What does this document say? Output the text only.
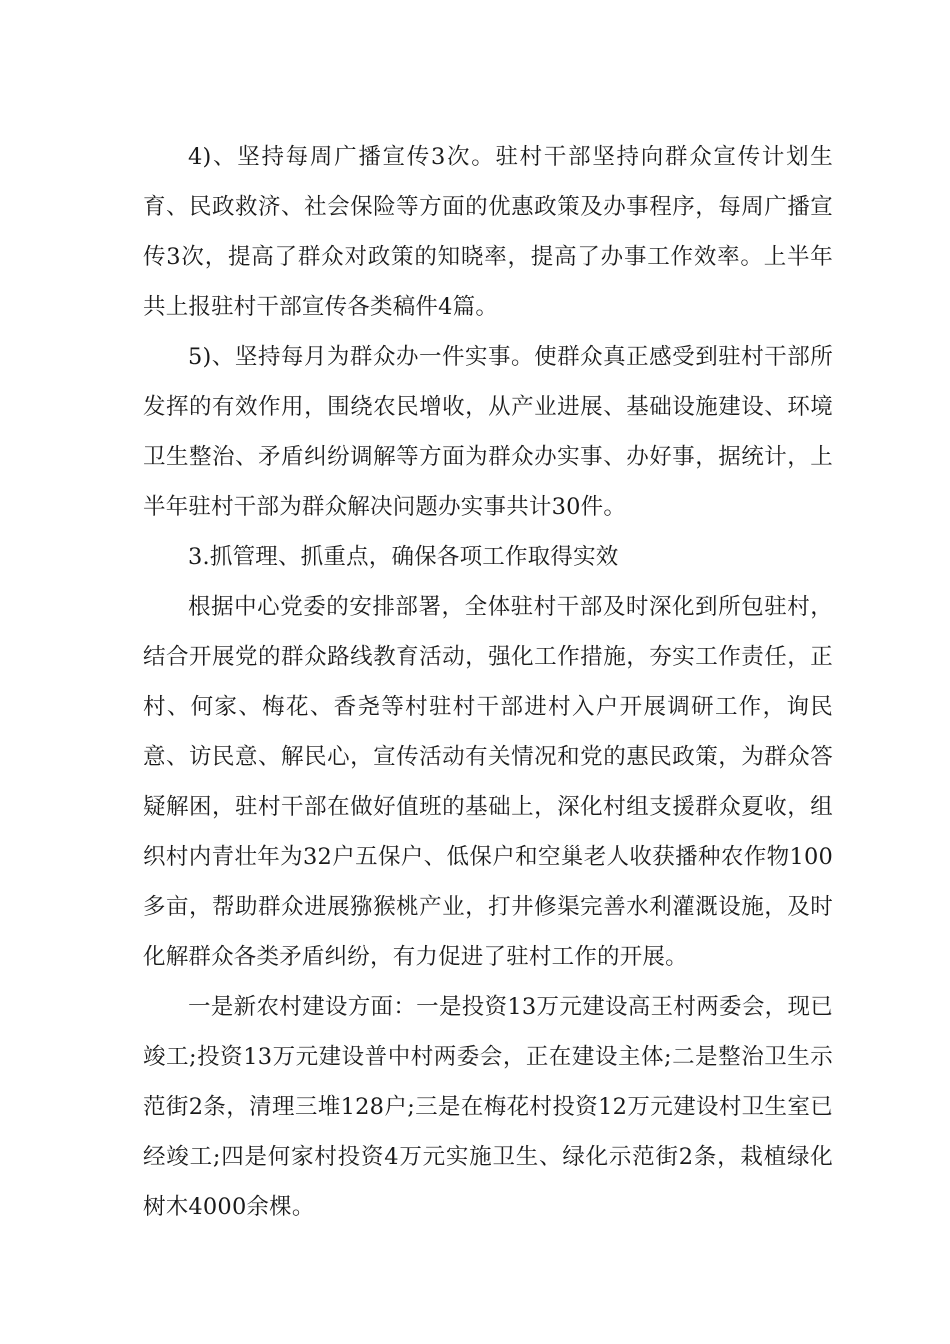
4)、坚持每周广播宣传3次。驻村干部坚持向群众宣传计划生育、民政救济、社会保险等方面的优惠政策及办事程序，每周广播宣传3次，提高了群众对政策的知晓率，提高了办事工作效率。上半年共上报驻村干部宣传各类稿件4篇。

5)、坚持每月为群众办一件实事。使群众真正感受到驻村干部所发挥的有效作用，围绕农民增收，从产业进展、基础设施建设、环境卫生整治、矛盾纠纷调解等方面为群众办实事、办好事，据统计，上半年驻村干部为群众解决问题办实事共计30件。

3.抓管理、抓重点，确保各项工作取得实效

根据中心党委的安排部署，全体驻村干部及时深化到所包驻村，结合开展党的群众路线教育活动，强化工作措施，夯实工作责任，正村、何家、梅花、香尧等村驻村干部进村入户开展调研工作，询民意、访民意、解民心，宣传活动有关情况和党的惠民政策，为群众答疑解困，驻村干部在做好值班的基础上，深化村组支援群众夏收，组织村内青壮年为32户五保户、低保户和空巢老人收获播种农作物100多亩，帮助群众进展猕猴桃产业，打井修渠完善水利灌溉设施，及时化解群众各类矛盾纠纷，有力促进了驻村工作的开展。

一是新农村建设方面：一是投资13万元建设高王村两委会，现已竣工;投资13万元建设普中村两委会，正在建设主体;二是整治卫生示范街2条，清理三堆128户;三是在梅花村投资12万元建设村卫生室已经竣工;四是何家村投资4万元实施卫生、绿化示范街2条，栽植绿化树木4000余棵。
